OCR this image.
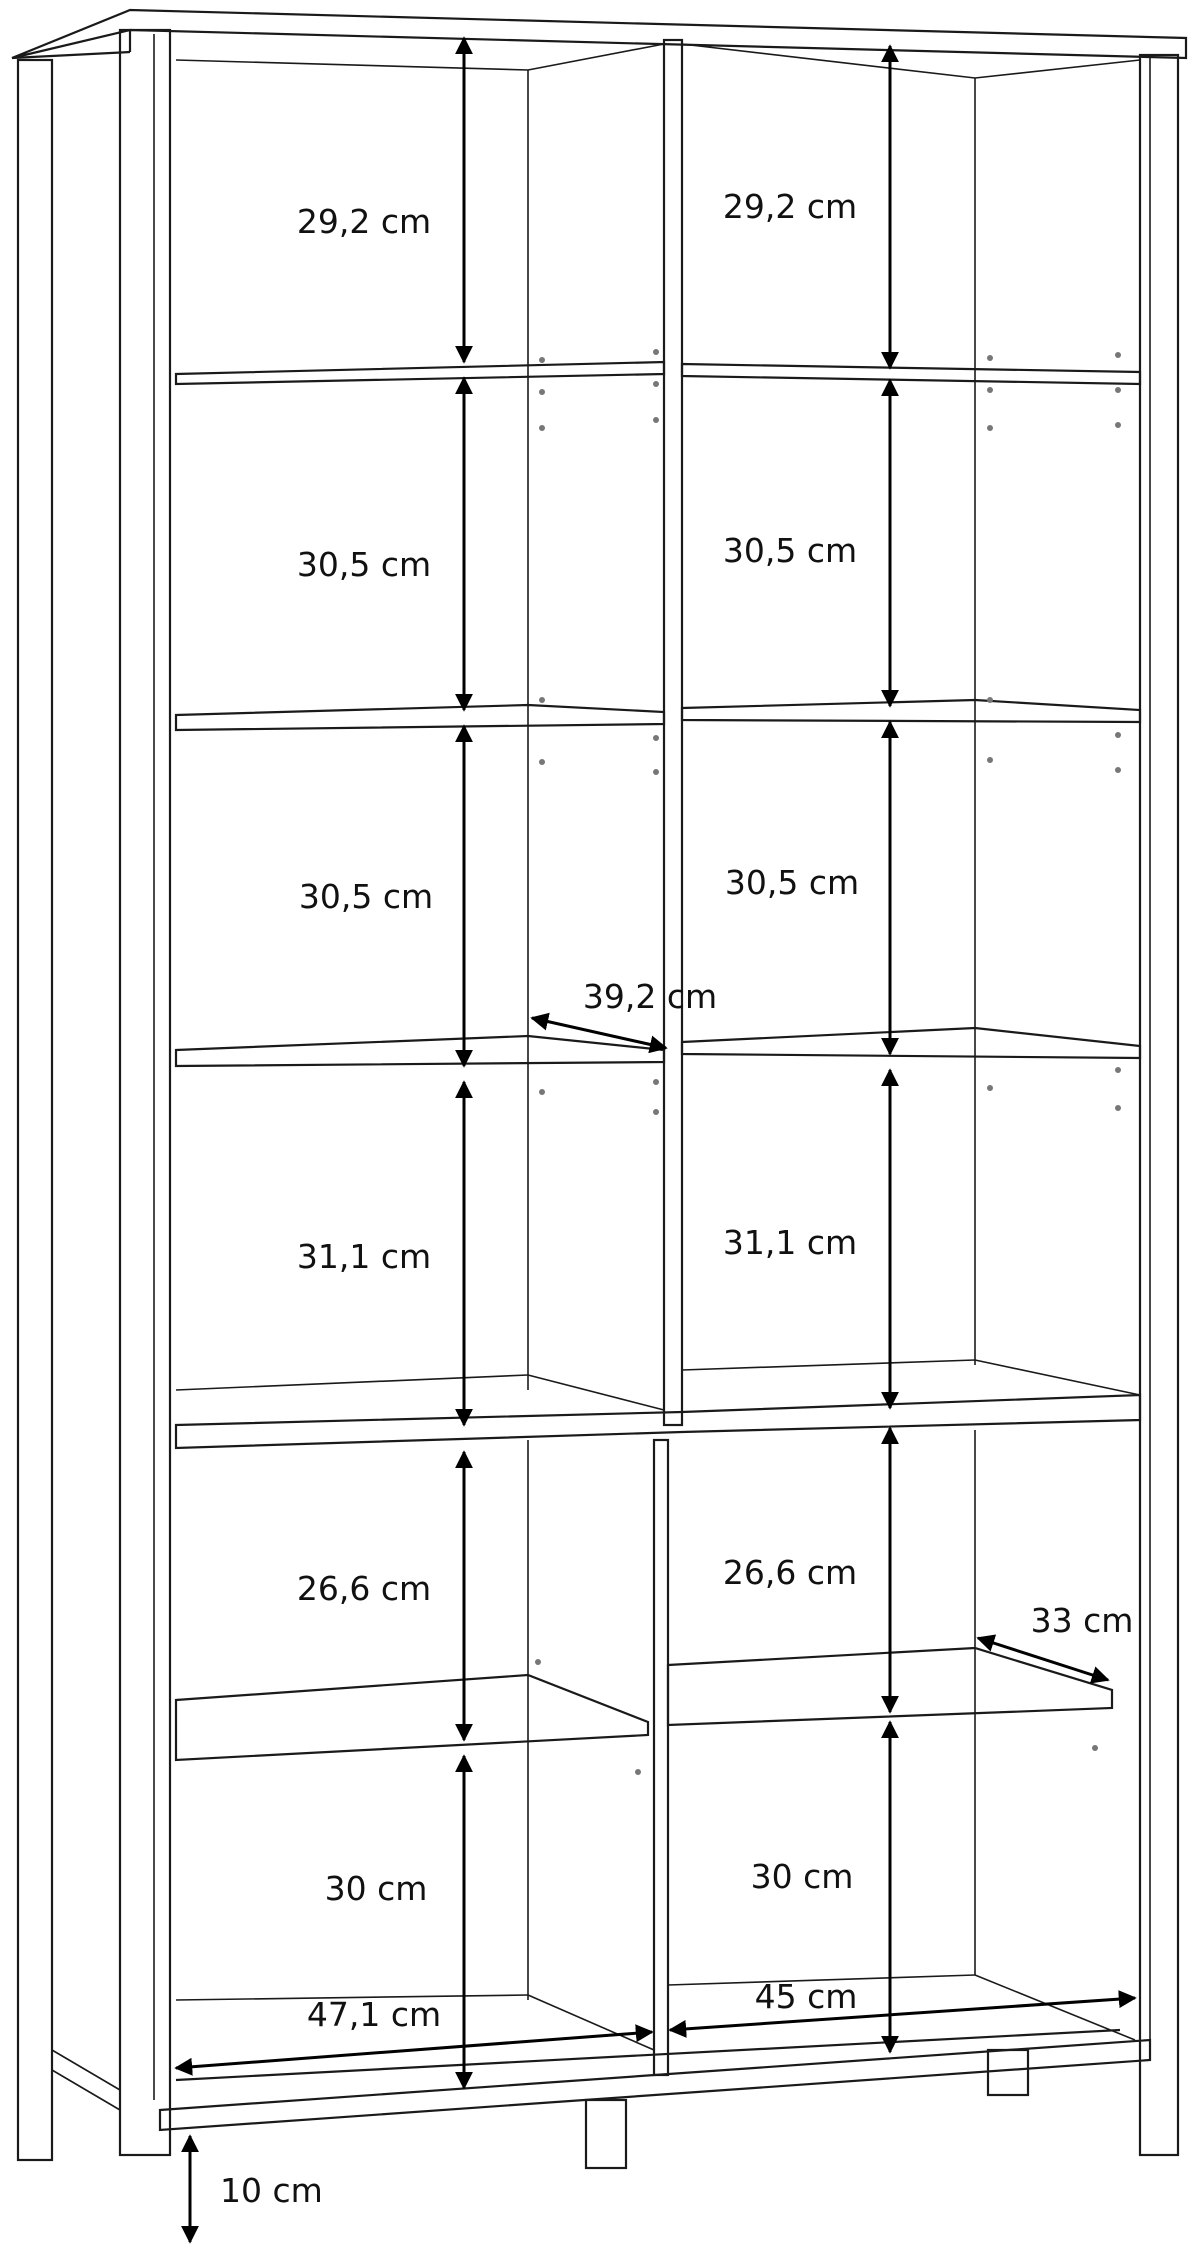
29,2 cm
30,5 cm
30,5 cm
31,1 cm
26,6 cm
30 cm
29,2 cm
30,5 cm
30,5 cm
31,1 cm
26,6 cm
30 cm
39,2 cm
33 cm
47,1 cm	45 cm
10 cm
